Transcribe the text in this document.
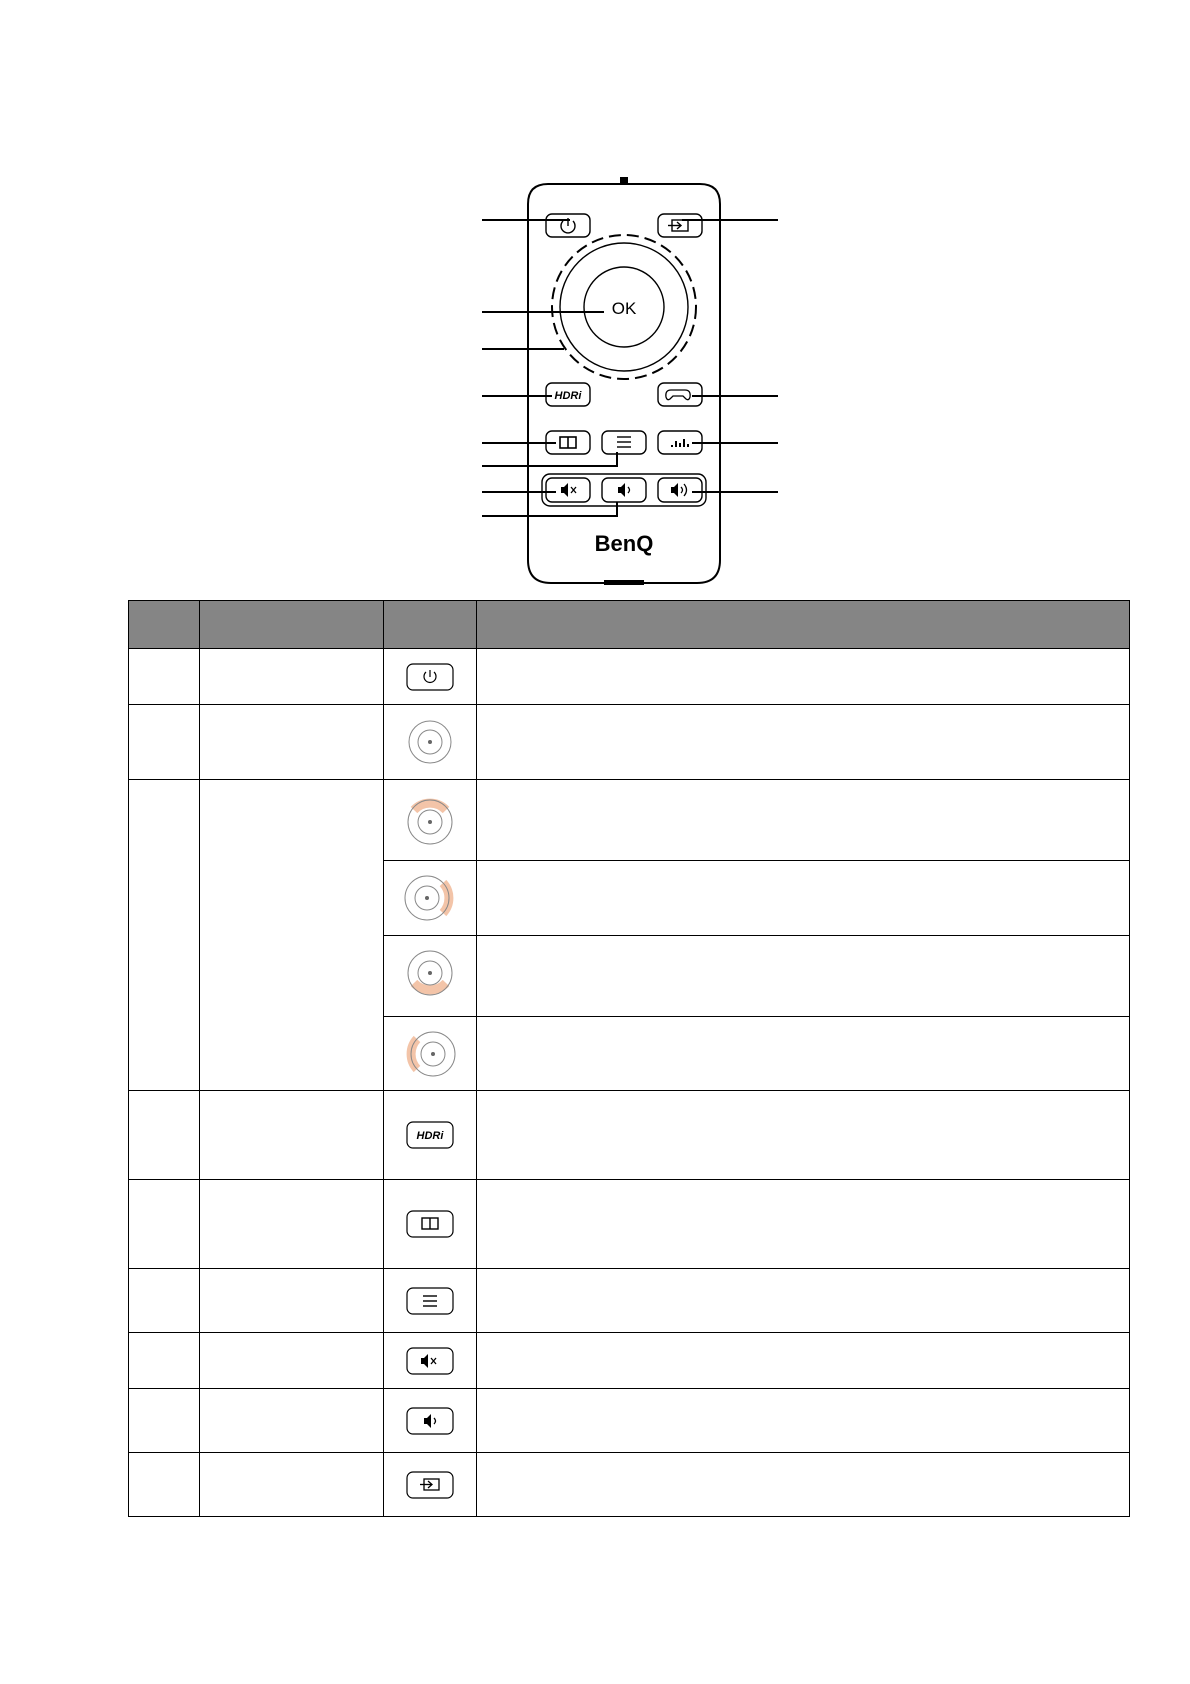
OK
HDRi
BenQ

HDRi	
